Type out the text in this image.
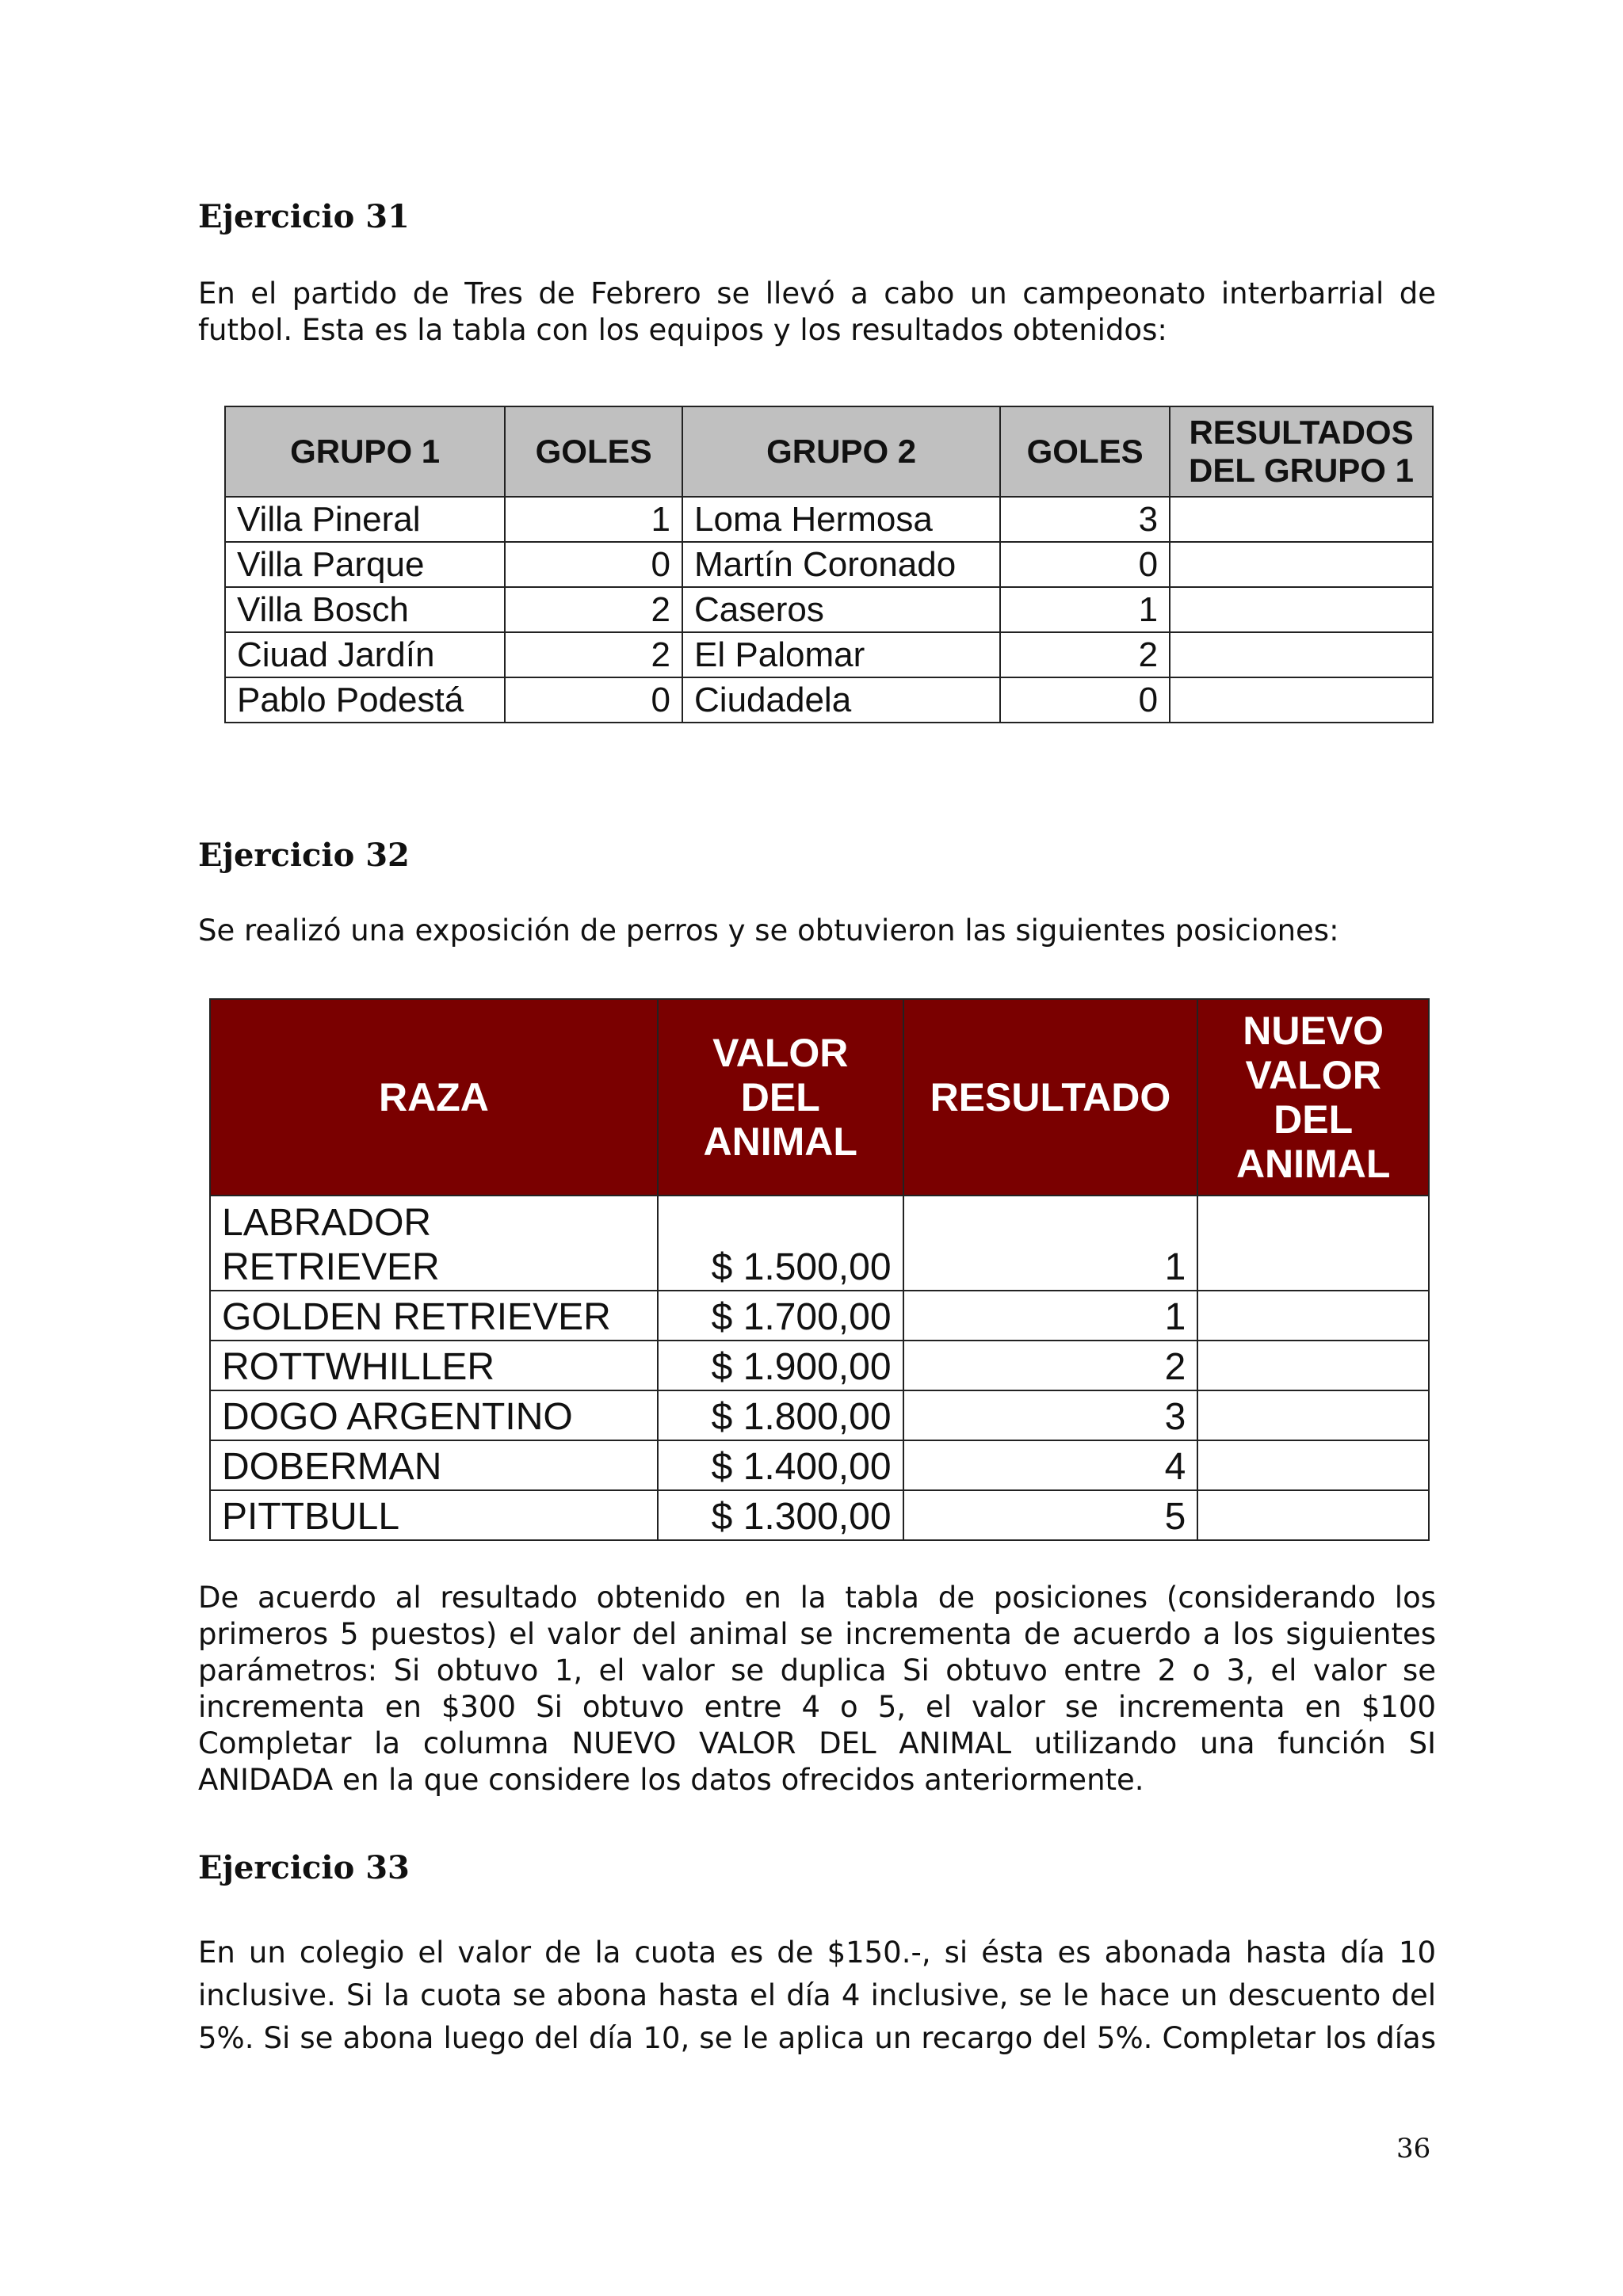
Ejercicio 31

En el partido de Tres de Febrero se llevó a cabo un campeonato interbarrial de
futbol. Esta es la tabla con los equipos y los resultados obtenidos:

GRUPO 1	GOLES	GRUPO 2	GOLES	RESULTADOS DEL GRUPO 1
Villa Pineral	1	Loma Hermosa	3	
Villa Parque	0	Martín Coronado	0	
Villa Bosch	2	Caseros	1	
Ciuad Jardín	2	El Palomar	2	
Pablo Podestá	0	Ciudadela	0	
Ejercicio 32

Se realizó una exposición de perros y se obtuvieron las siguientes posiciones:

RAZA	VALOR DEL ANIMAL	RESULTADO	NUEVO VALOR DEL ANIMAL
LABRADOR RETRIEVER	$ 1.500,00	1	
GOLDEN RETRIEVER	$ 1.700,00	1	
ROTTWHILLER	$ 1.900,00	2	
DOGO ARGENTINO	$ 1.800,00	3	
DOBERMAN	$ 1.400,00	4	
PITTBULL	$ 1.300,00	5	

De acuerdo al resultado obtenido en la tabla de posiciones (considerando los
primeros 5 puestos) el valor del animal se incrementa de acuerdo a los siguientes
parámetros: Si obtuvo 1, el valor se duplica Si obtuvo entre 2 o 3, el valor se
incrementa en $300 Si obtuvo entre 4 o 5, el valor se incrementa en $100
Completar la columna NUEVO VALOR DEL ANIMAL utilizando una función SI
ANIDADA en la que considere los datos ofrecidos anteriormente.

Ejercicio 33

En un colegio el valor de la cuota es de $150.-, si ésta es abonada hasta día 10
inclusive. Si la cuota se abona hasta el día 4 inclusive, se le hace un descuento del
5%. Si se abona luego del día 10, se le aplica un recargo del 5%. Completar los días

36
